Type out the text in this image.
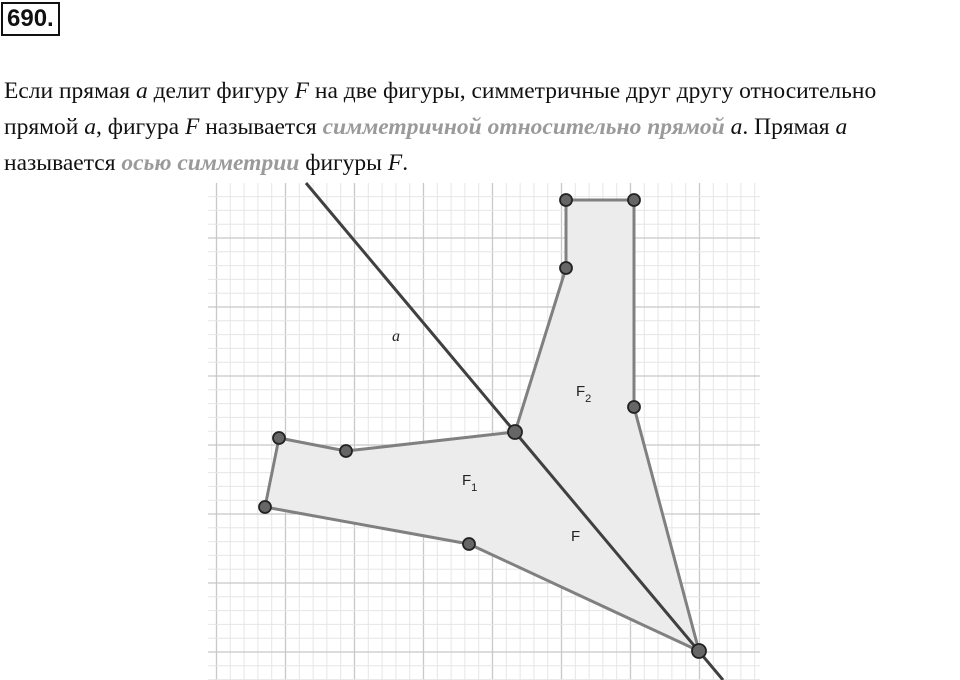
690.
Если прямая a делит фигуру F на две фигуры, симметричные друг другу относительно
прямой a, фигура F называется симметричной относительно прямой a. Прямая a
называется осью симметрии фигуры F.
a
$F_1$
$F_2$
F
